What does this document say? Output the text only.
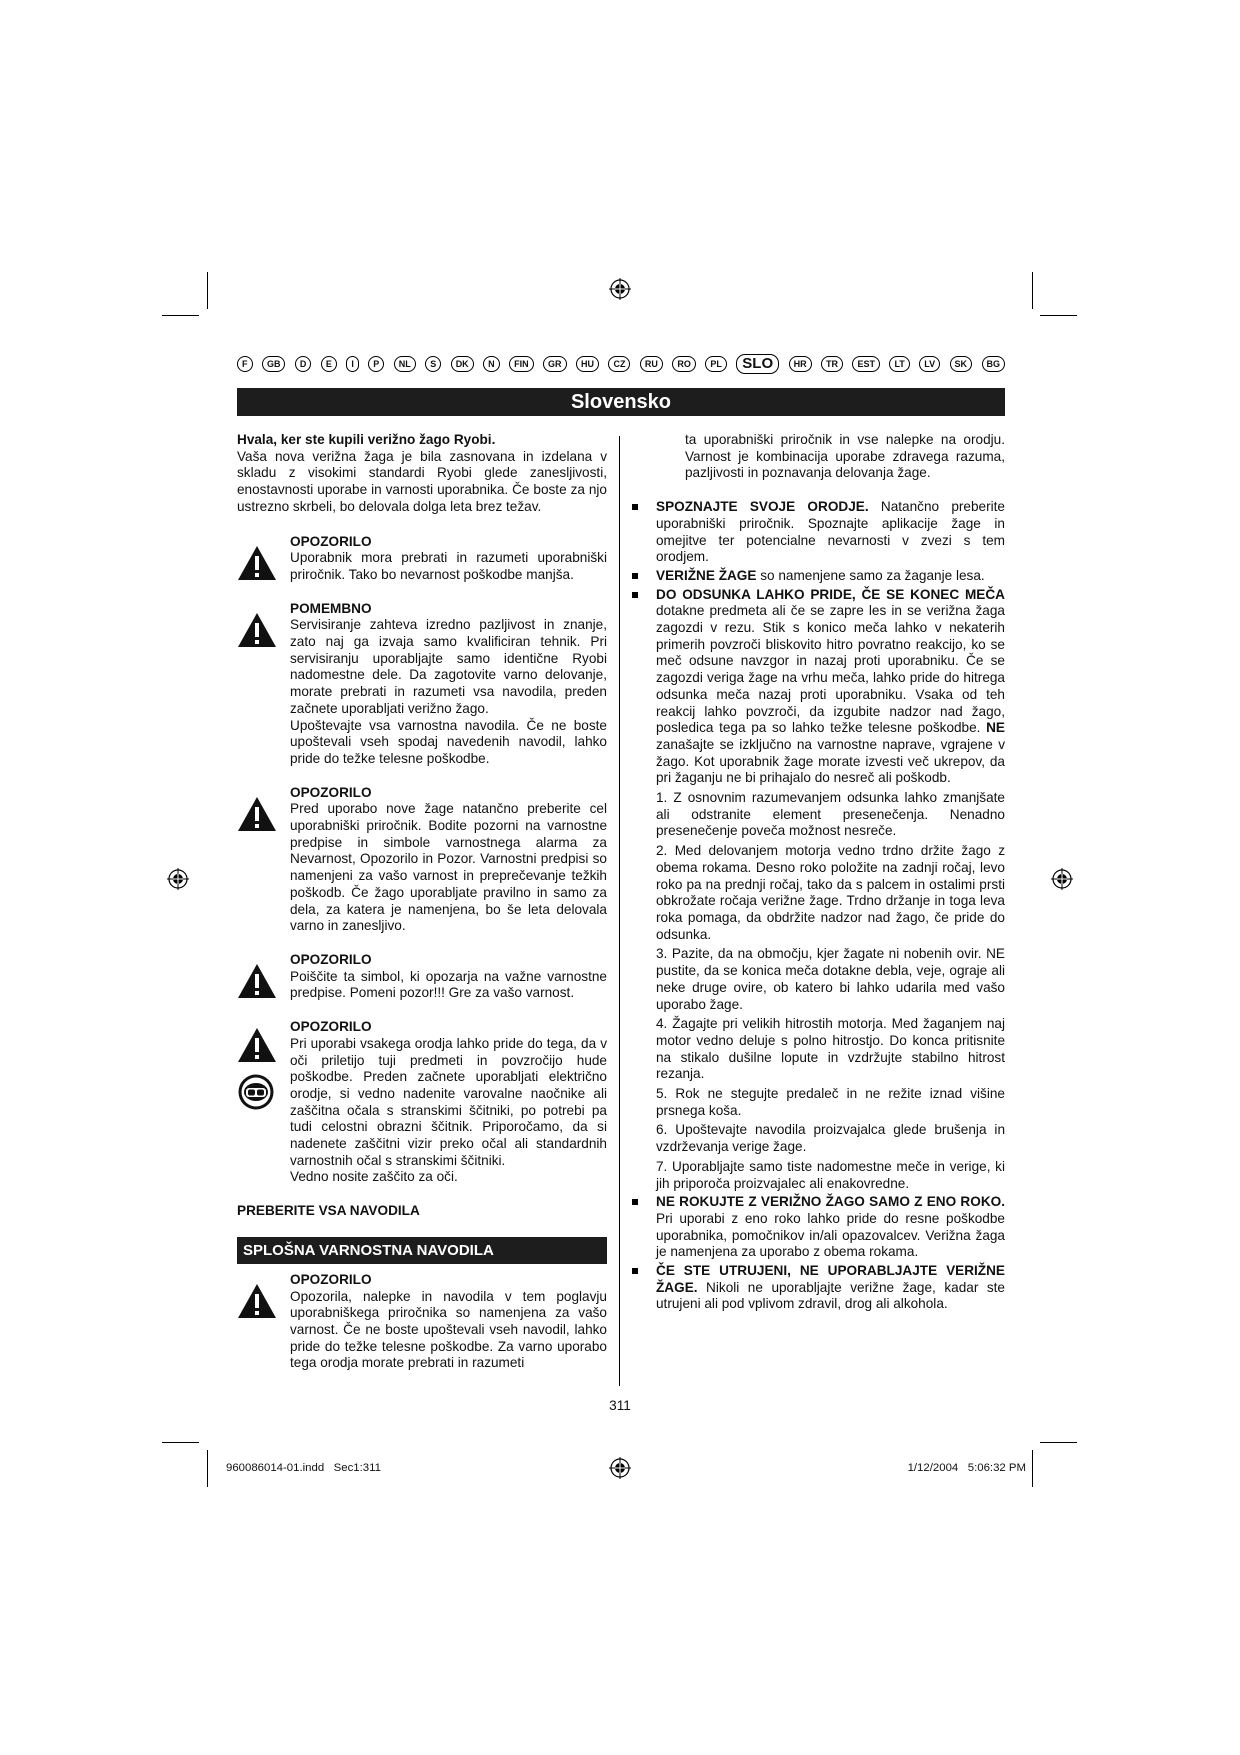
F	GB	D	E	I	P	NL	S	DK	N	FIN	GR	HU	CZ	RU	RO	PL	SLO	HR	TR	EST	LT	LV	SK	BG
Slovensko

Hvala, ker ste kupili verižno žago Ryobi.

Vaša nova verižna žaga je bila zasnovana in izdelana v skladu z visokimi standardi Ryobi glede zanesljivosti, enostavnosti uporabe in varnosti uporabnika. Če boste za njo ustrezno skrbeli, bo delovala dolga leta brez težav.

OPOZORILO

Uporabnik mora prebrati in razumeti uporabniški priročnik. Tako bo nevarnost poškodbe manjša.

POMEMBNO

Servisiranje zahteva izredno pazljivost in znanje, zato naj ga izvaja samo kvalificiran tehnik. Pri servisiranju uporabljajte samo identične Ryobi nadomestne dele. Da zagotovite varno delovanje, morate prebrati in razumeti vsa navodila, preden začnete uporabljati verižno žago.

Upoštevajte vsa varnostna navodila. Če ne boste upoštevali vseh spodaj navedenih navodil, lahko pride do težke telesne poškodbe.

OPOZORILO

Pred uporabo nove žage natančno preberite cel uporabniški priročnik. Bodite pozorni na varnostne predpise in simbole varnostnega alarma za Nevarnost, Opozorilo in Pozor. Varnostni predpisi so namenjeni za vašo varnost in preprečevanje težkih poškodb. Če žago uporabljate pravilno in samo za dela, za katera je namenjena, bo še leta delovala varno in zanesljivo.

OPOZORILO

Poiščite ta simbol, ki opozarja na važne varnostne predpise. Pomeni pozor!!! Gre za vašo varnost.

OPOZORILO

Pri uporabi vsakega orodja lahko pride do tega, da v oči priletijo tuji predmeti in povzročijo hude poškodbe. Preden začnete uporabljati električno orodje, si vedno nadenite varovalne naočnike ali zaščitna očala s stranskimi ščitniki, po potrebi pa tudi celostni obrazni ščitnik. Priporočamo, da si nadenete zaščitni vizir preko očal ali standardnih varnostnih očal s stranskimi ščitniki.

Vedno nosite zaščito za oči.

PREBERITE VSA NAVODILA

SPLOŠNA VARNOSTNA NAVODILA

OPOZORILO

Opozorila, nalepke in navodila v tem poglavju uporabniškega priročnika so namenjena za vašo varnost. Če ne boste upoštevali vseh navodil, lahko pride do težke telesne poškodbe. Za varno uporabo tega orodja morate prebrati in razumeti

ta uporabniški priročnik in vse nalepke na orodju. Varnost je kombinacija uporabe zdravega razuma, pazljivosti in poznavanja delovanja žage.

SPOZNAJTE SVOJE ORODJE. Natančno preberite uporabniški priročnik. Spoznajte aplikacije žage in omejitve ter potencialne nevarnosti v zvezi s tem orodjem.
VERIŽNE ŽAGE so namenjene samo za žaganje lesa.
DO ODSUNKA LAHKO PRIDE, ČE SE KONEC MEČA dotakne predmeta ali če se zapre les in se verižna žaga zagozdi v rezu. Stik s konico meča lahko v nekaterih primerih povzroči bliskovito hitro povratno reakcijo, ko se meč odsune navzgor in nazaj proti uporabniku. Če se zagozdi veriga žage na vrhu meča, lahko pride do hitrega odsunka meča nazaj proti uporabniku. Vsaka od teh reakcij lahko povzroči, da izgubite nadzor nad žago, posledica tega pa so lahko težke telesne poškodbe. NE zanašajte se izključno na varnostne naprave, vgrajene v žago. Kot uporabnik žage morate izvesti več ukrepov, da pri žaganju ne bi prihajalo do nesreč ali poškodb.

1. Z osnovnim razumevanjem odsunka lahko zmanjšate ali odstranite element presenečenja. Nenadno presenečenje poveča možnost nesreče.

2. Med delovanjem motorja vedno trdno držite žago z obema rokama. Desno roko položite na zadnji ročaj, levo roko pa na prednji ročaj, tako da s palcem in ostalimi prsti obkrožate ročaja verižne žage. Trdno držanje in toga leva roka pomaga, da obdržite nadzor nad žago, če pride do odsunka.

3. Pazite, da na območju, kjer žagate ni nobenih ovir. NE pustite, da se konica meča dotakne debla, veje, ograje ali neke druge ovire, ob katero bi lahko udarila med vašo uporabo žage.

4. Žagajte pri velikih hitrostih motorja. Med žaganjem naj motor vedno deluje s polno hitrostjo. Do konca pritisnite na stikalo dušilne lopute in vzdržujte stabilno hitrost rezanja.

5. Rok ne stegujte predaleč in ne režite iznad višine prsnega koša.

6. Upoštevajte navodila proizvajalca glede brušenja in vzdrževanja verige žage.

7. Uporabljajte samo tiste nadomestne meče in verige, ki jih priporoča proizvajalec ali enakovredne.

NE ROKUJTE Z VERIŽNO ŽAGO SAMO Z ENO ROKO. Pri uporabi z eno roko lahko pride do resne poškodbe uporabnika, pomočnikov in/ali opazovalcev. Verižna žaga je namenjena za uporabo z obema rokama.
ČE STE UTRUJENI, NE UPORABLJAJTE VERIŽNE ŽAGE. Nikoli ne uporabljajte verižne žage, kadar ste utrujeni ali pod vplivom zdravil, drog ali alkohola.
311
960086014-01.indd   Sec1:311	1/12/2004   5:06:32 PM
